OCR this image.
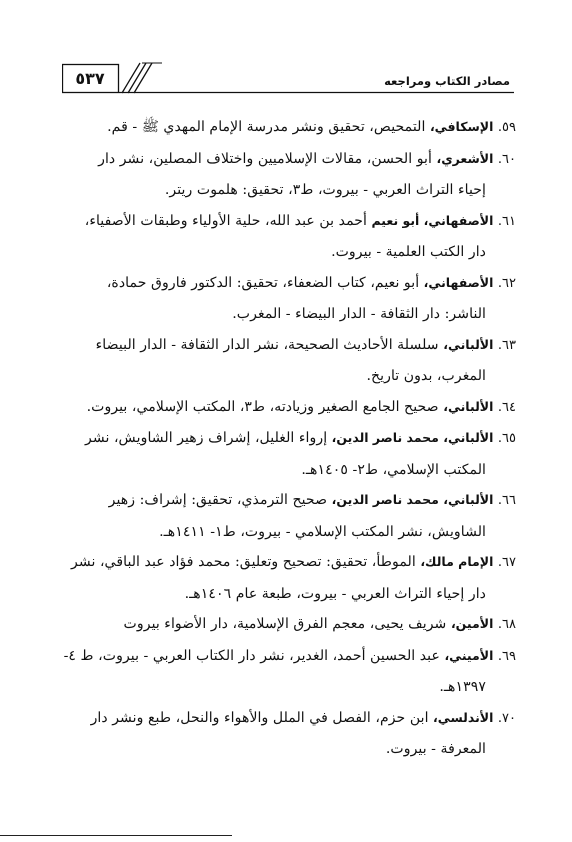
٥٣٧	مصادر الكتاب ومراجعه
٥٩. الإسكافي، التمحيص، تحقيق ونشر مدرسة الإمام المهدي ﷺ - قم.
٦٠. الأشعري، أبو الحسن، مقالات الإسلاميين واختلاف المصلين، نشر دار
إحياء التراث العربي - بيروت، ط٣، تحقيق: هلموت ريتر.
٦١. الأصفهاني، أبو نعيم أحمد بن عبد الله، حلية الأولياء وطبقات الأصفياء،
دار الكتب العلمية - بيروت.
٦٢. الأصفهاني، أبو نعيم، كتاب الضعفاء، تحقيق: الدكتور فاروق حمادة،
الناشر: دار الثقافة - الدار البيضاء - المغرب.
٦٣. الألباني، سلسلة الأحاديث الصحيحة، نشر الدار الثقافة - الدار البيضاء
المغرب، بدون تاريخ.
٦٤. الألباني، صحيح الجامع الصغير وزيادته، ط٣، المكتب الإسلامي، بيروت.
٦٥. الألباني، محمد ناصر الدين، إرواء الغليل، إشراف زهير الشاويش، نشر
المكتب الإسلامي، ط٢- ١٤٠٥هـ.
٦٦. الألباني، محمد ناصر الدين، صحيح الترمذي، تحقيق: إشراف: زهير
الشاويش، نشر المكتب الإسلامي - بيروت، ط١- ١٤١١هـ.
٦٧. الإمام مالك، الموطأ، تحقيق: تصحيح وتعليق: محمد فؤاد عبد الباقي، نشر
دار إحياء التراث العربي - بيروت، طبعة عام ١٤٠٦هـ.
٦٨. الأمين، شريف يحيى، معجم الفرق الإسلامية، دار الأضواء بيروت
٦٩. الأميني، عبد الحسين أحمد، الغدير، نشر دار الكتاب العربي - بيروت، ط ٤-
١٣٩٧هـ.
٧٠. الأندلسي، ابن حزم، الفصل في الملل والأهواء والنحل، طبع ونشر دار
المعرفة - بيروت.
